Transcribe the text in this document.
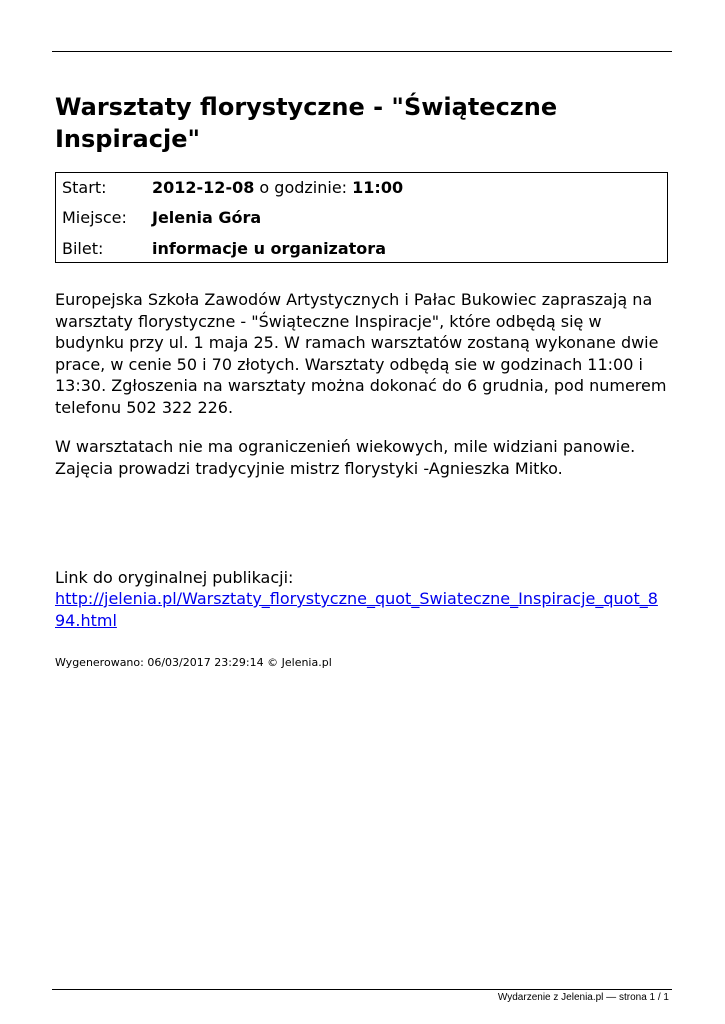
Warsztaty florystyczne - "Świąteczne Inspiracje"
Start:	2012-12-08 o godzinie: 11:00
Miejsce: Jelenia Góra
Bilet:	informacje u organizatora

Europejska Szkoła Zawodów Artystycznych i Pałac Bukowiec zapraszają na warsztaty florystyczne - "Świąteczne Inspiracje", które odbędą się w budynku przy ul. 1 maja 25. W ramach warsztatów zostaną wykonane dwie prace, w cenie 50 i 70 złotych. Warsztaty odbędą sie w godzinach 11:00 i 13:30. Zgłoszenia na warsztaty można dokonać do 6 grudnia, pod numerem telefonu 502 322 226.

W warsztatach nie ma ograniczenień wiekowych, mile widziani panowie. Zajęcia prowadzi tradycyjnie mistrz florystyki -Agnieszka Mitko.

Link do oryginalnej publikacji:

http://jelenia.pl/Warsztaty_florystyczne_quot_Swiateczne_Inspiracje_quot_894.html
Wygenerowano: 06/03/2017 23:29:14 © Jelenia.pl
Wydarzenie z Jelenia.pl — strona 1 / 1
